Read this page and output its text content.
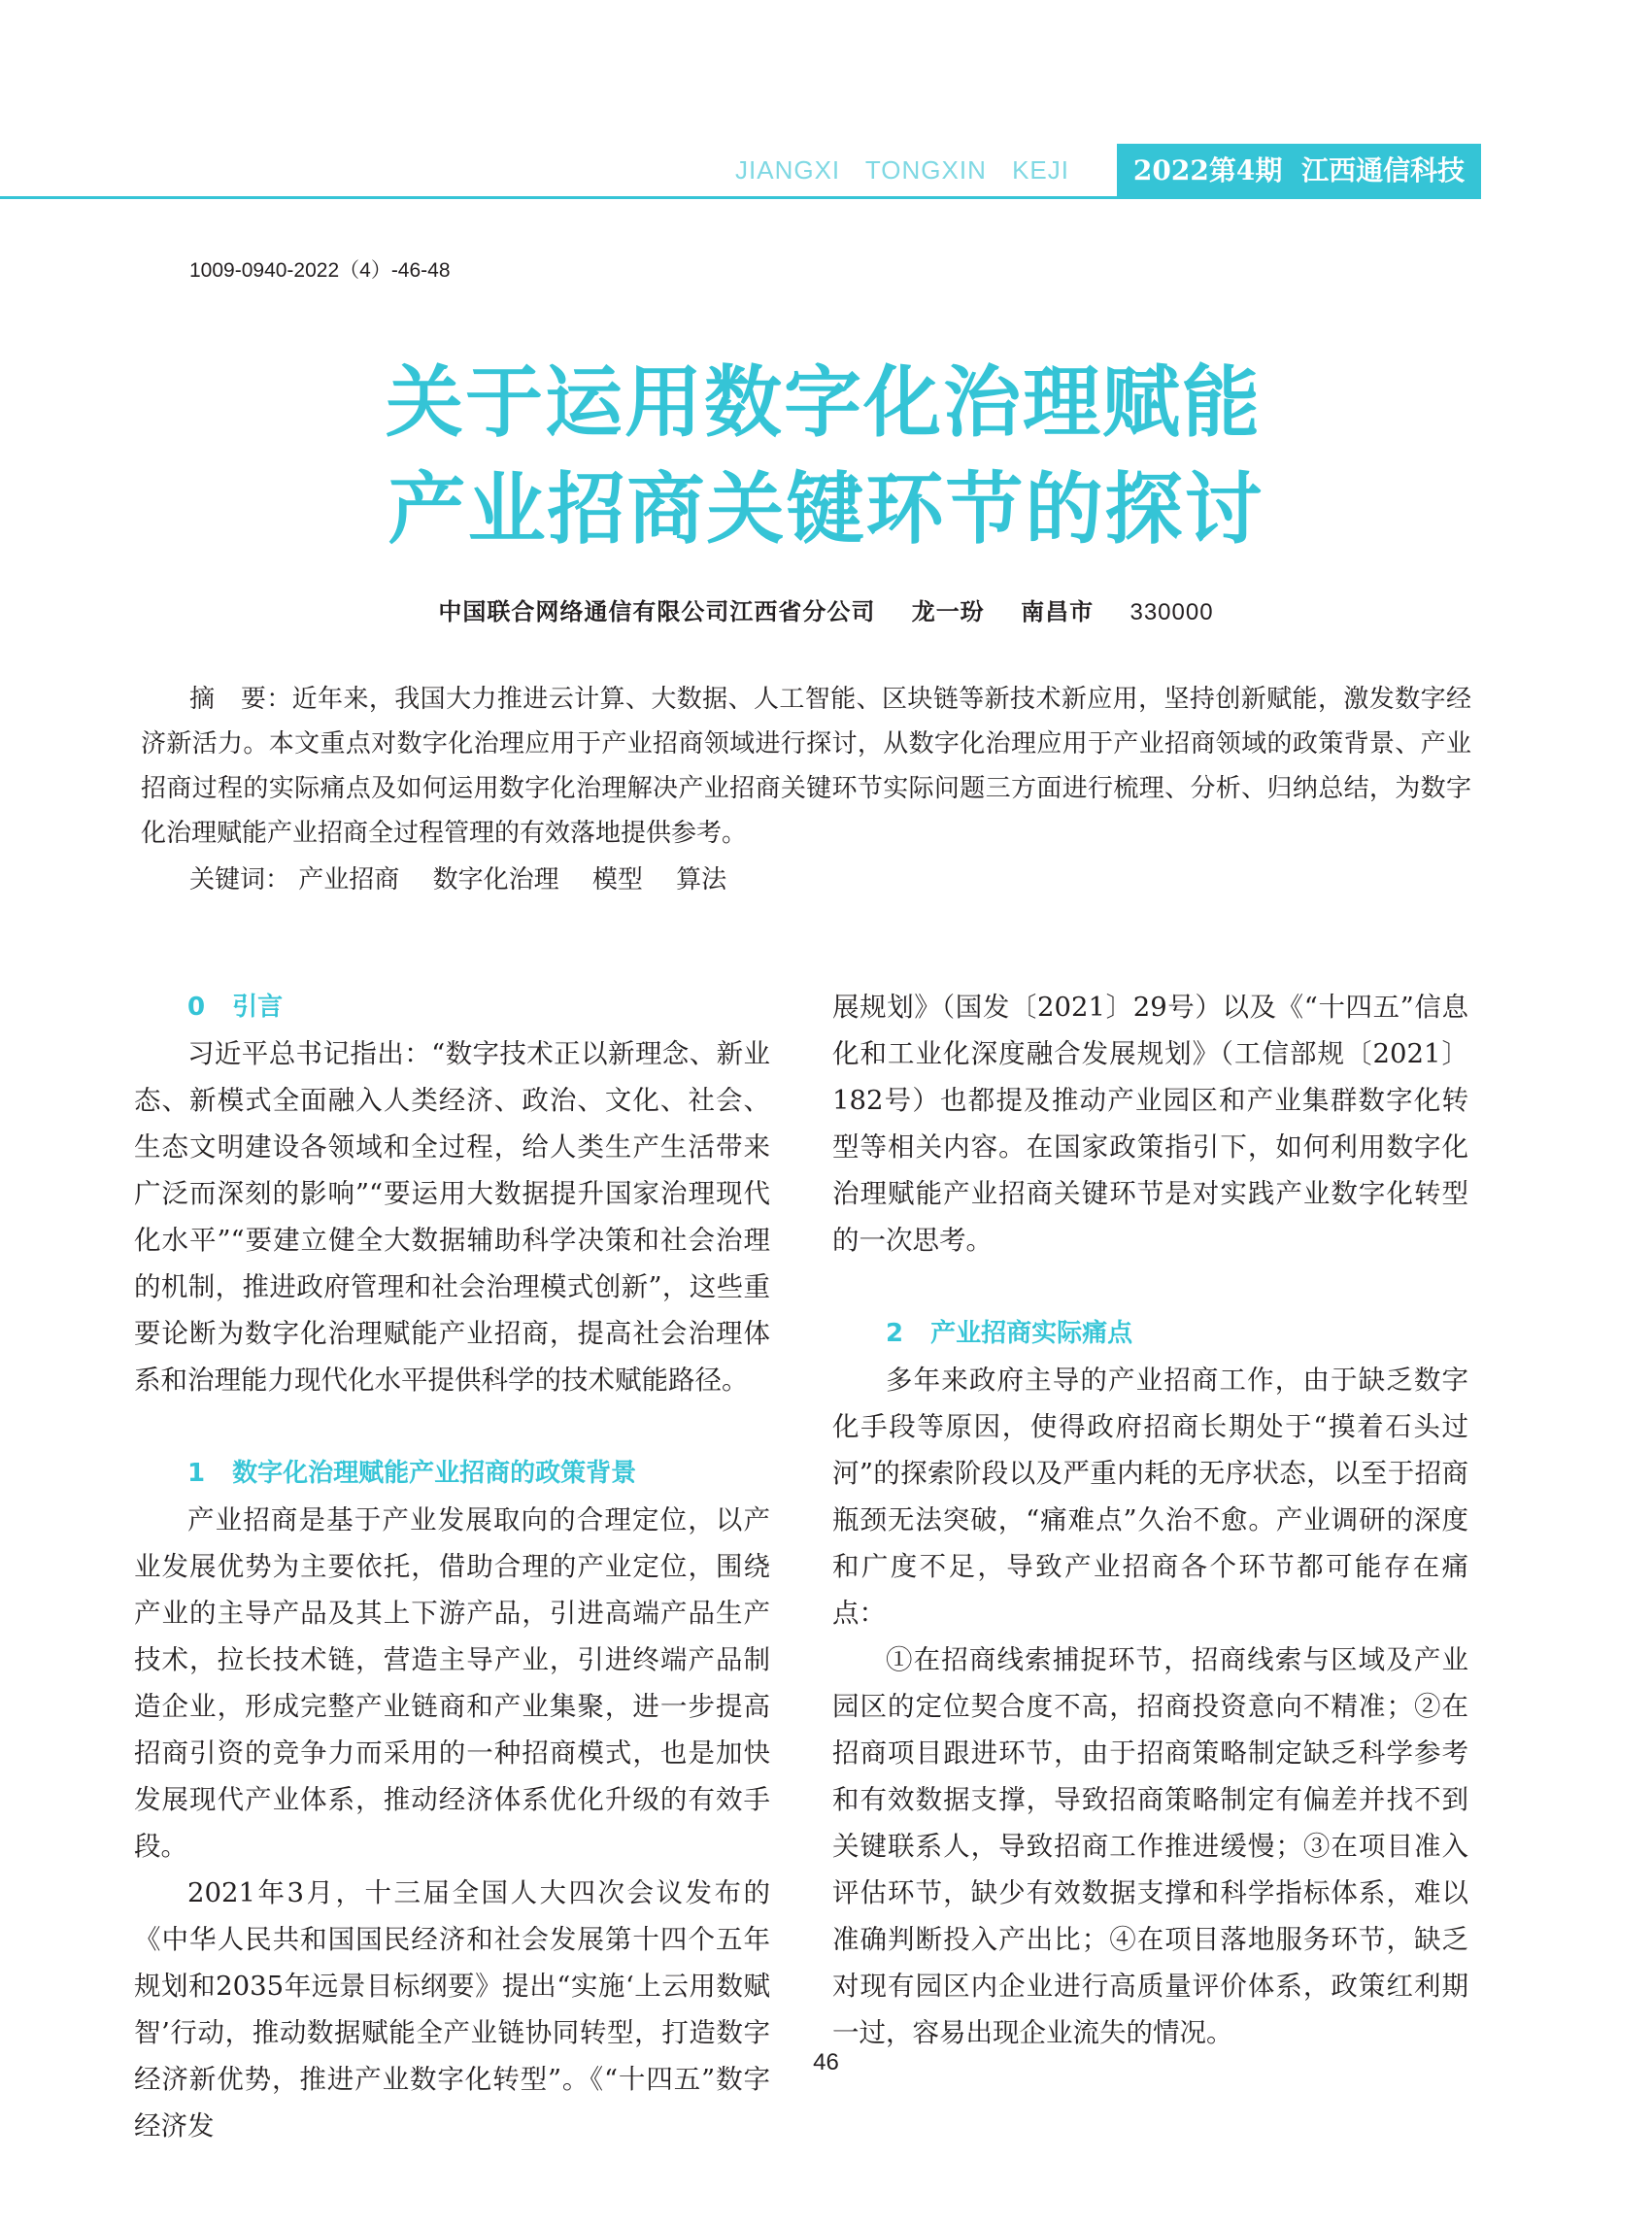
JIANGXI TONGXIN KEJI	2022第4期 江西通信科技
1009-0940-2022（4）-46-48
关于运用数字化治理赋能
产业招商关键环节的探讨
中国联合网络通信有限公司江西省分公司 龙一玢 南昌市 330000
摘　要：近年来，我国大力推进云计算、大数据、人工智能、区块链等新技术新应用，坚持创新赋能，激发数字经济新活力。本文重点对数字化治理应用于产业招商领域进行探讨，从数字化治理应用于产业招商领域的政策背景、产业招商过程的实际痛点及如何运用数字化治理解决产业招商关键环节实际问题三方面进行梳理、分析、归纳总结，为数字化治理赋能产业招商全过程管理的有效落地提供参考。
关键词： 产业招商 数字化治理 模型 算法
0 引言

习近平总书记指出：“数字技术正以新理念、新业态、新模式全面融入人类经济、政治、文化、社会、生态文明建设各领域和全过程，给人类生产生活带来广泛而深刻的影响”“要运用大数据提升国家治理现代化水平”“要建立健全大数据辅助科学决策和社会治理的机制，推进政府管理和社会治理模式创新”，这些重要论断为数字化治理赋能产业招商，提高社会治理体系和治理能力现代化水平提供科学的技术赋能路径。

1 数字化治理赋能产业招商的政策背景

产业招商是基于产业发展取向的合理定位，以产业发展优势为主要依托，借助合理的产业定位，围绕产业的主导产品及其上下游产品，引进高端产品生产技术，拉长技术链，营造主导产业，引进终端产品制造企业，形成完整产业链商和产业集聚，进一步提高招商引资的竞争力而采用的一种招商模式，也是加快发展现代产业体系，推动经济体系优化升级的有效手段。

2021年3月，十三届全国人大四次会议发布的《中华人民共和国国民经济和社会发展第十四个五年规划和2035年远景目标纲要》提出“实施‘上云用数赋智’行动，推动数据赋能全产业链协同转型，打造数字经济新优势，推进产业数字化转型”。《“十四五”数字经济发

展规划》（国发〔2021〕29号）以及《“十四五”信息化和工业化深度融合发展规划》（工信部规〔2021〕182号）也都提及推动产业园区和产业集群数字化转型等相关内容。在国家政策指引下，如何利用数字化治理赋能产业招商关键环节是对实践产业数字化转型的一次思考。

2 产业招商实际痛点

多年来政府主导的产业招商工作，由于缺乏数字化手段等原因，使得政府招商长期处于“摸着石头过河”的探索阶段以及严重内耗的无序状态，以至于招商瓶颈无法突破，“痛难点”久治不愈。产业调研的深度和广度不足，导致产业招商各个环节都可能存在痛点：

①在招商线索捕捉环节，招商线索与区域及产业园区的定位契合度不高，招商投资意向不精准；②在招商项目跟进环节，由于招商策略制定缺乏科学参考和有效数据支撑，导致招商策略制定有偏差并找不到关键联系人，导致招商工作推进缓慢；③在项目准入评估环节，缺少有效数据支撑和科学指标体系，难以准确判断投入产出比；④在项目落地服务环节，缺乏对现有园区内企业进行高质量评价体系，政策红利期一过，容易出现企业流失的情况。

46
